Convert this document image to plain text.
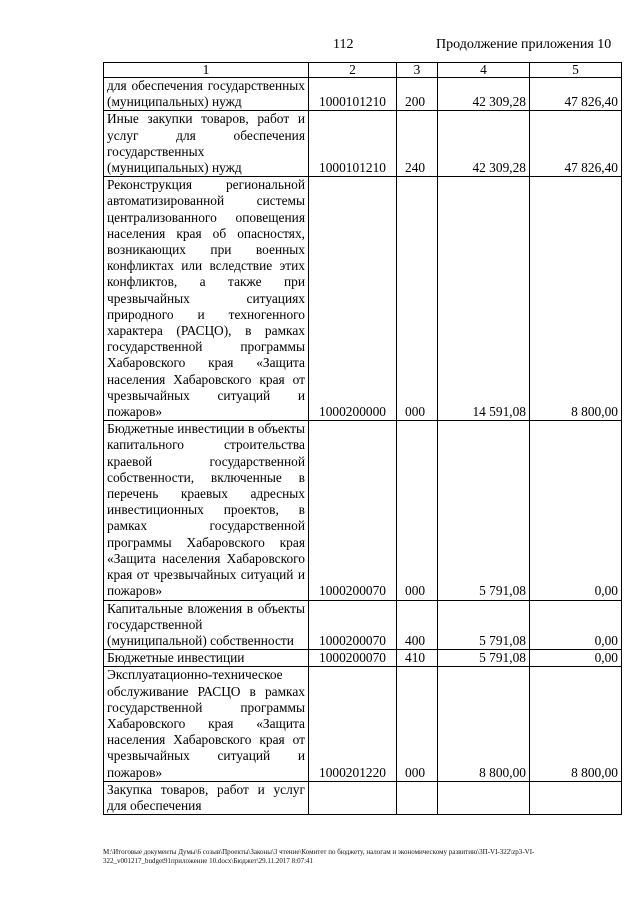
112	Продолжение приложения 10
1	2	3	4	5
для обеспечения государственных (муниципальных) нужд	1000101210	200	42 309,28	47 826,40
Иные закупки товаров, работ и услуг для обеспечения государственных (муниципальных) нужд	1000101210	240	42 309,28	47 826,40
Реконструкция региональной автоматизированной системы централизованного оповещения населения края об опасностях, возникающих при военных конфликтах или вследствие этих конфликтов, а также при чрезвычайных ситуациях природного и техногенного характера (РАСЦО), в рамках государственной программы Хабаровского края «Защита населения Хабаровского края от чрезвычайных ситуаций и пожаров»	1000200000	000	14 591,08	8 800,00
Бюджетные инвестиции в объекты капитального строительства краевой государственной собственности, включенные в перечень краевых адресных инвестиционных проектов, в рамках государственной программы Хабаровского края «Защита населения Хабаровского края от чрезвычайных ситуаций и пожаров»	1000200070	000	5 791,08	0,00
Капитальные вложения в объекты государственной (муниципальной) собственности	1000200070	400	5 791,08	0,00
Бюджетные инвестиции	1000200070	410	5 791,08	0,00
Эксплуатационно-техническое обслуживание РАСЦО в рамках государственной программы Хабаровского края «Защита населения Хабаровского края от чрезвычайных ситуаций и пожаров»	1000201220	000	8 800,00	8 800,00
Закупка товаров, работ и услуг для обеспечения				
M:\Итоговые документы Думы\6 созыв\Проекты\Законы\3 чтение\Комитет по бюджету, налогам и экономическому развитию\3П-VI-322\zp3-VI-322_v001217_budget91приложение 10.docx\Бюджет\29.11.2017 8:07:41
